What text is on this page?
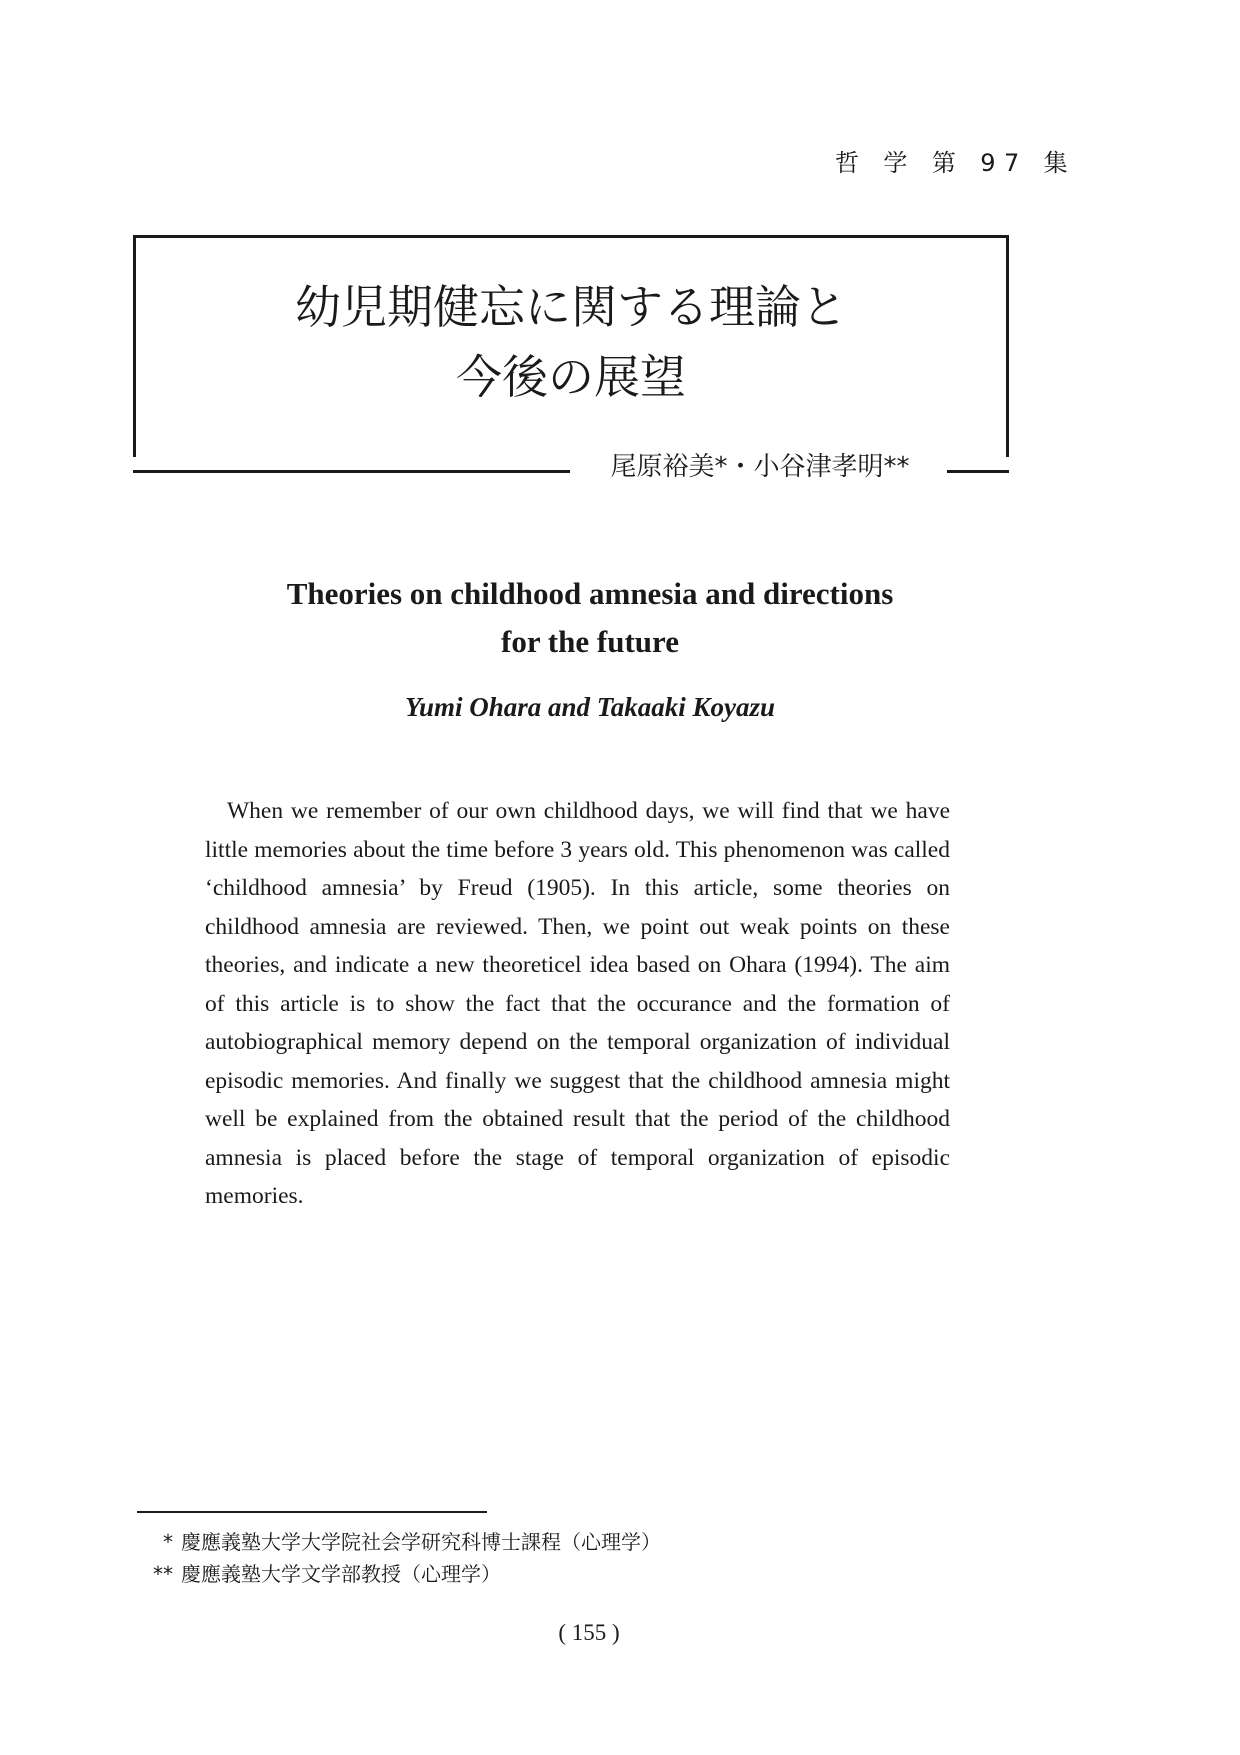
哲 学 第 97 集
幼児期健忘に関する理論と
今後の展望
尾原裕美*・小谷津孝明**
Theories on childhood amnesia and directions
for the future
Yumi Ohara and Takaaki Koyazu

When we remember of our own childhood days, we will find that we have little memories about the time before 3 years old. This phenomenon was called ‘childhood amnesia’ by Freud (1905). In this article, some theories on childhood amnesia are reviewed. Then, we point out weak points on these theories, and indicate a new theoreticel idea based on Ohara (1994). The aim of this article is to show the fact that the occurance and the formation of autobiographical memory depend on the temporal organization of individual episodic memories. And finally we suggest that the childhood amnesia might well be explained from the obtained result that the period of the childhood amnesia is placed before the stage of temporal organization of episodic memories.

* 慶應義塾大学大学院社会学研究科博士課程（心理学）
** 慶應義塾大学文学部教授（心理学）
( 155 )
